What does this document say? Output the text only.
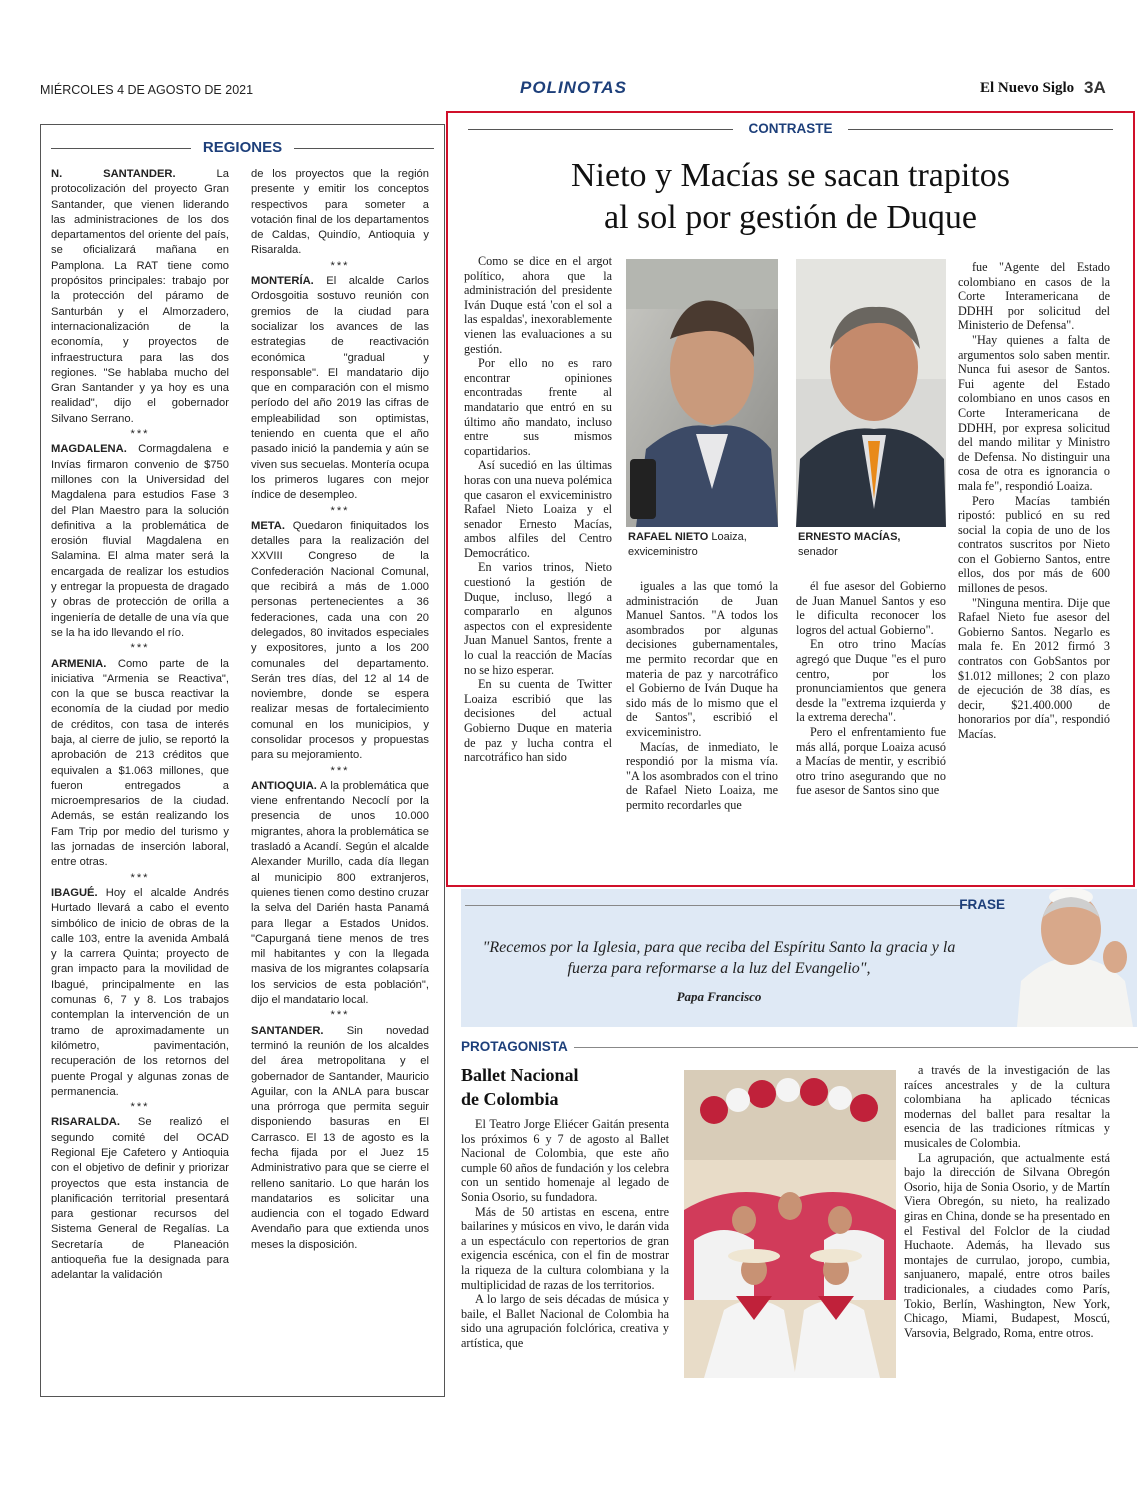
MIÉRCOLES 4 DE AGOSTO DE 2021	POLINOTAS	El Nuevo Siglo 3A
REGIONES

N. SANTANDER. La protocolización del proyecto Gran Santander, que vienen liderando las administraciones de los dos departamentos del oriente del país, se oficializará mañana en Pamplona. La RAT tiene como propósitos principales: trabajo por la protección del páramo de Santurbán y el Almorzadero, internacionalización de la economía, y proyectos de infraestructura para las dos regiones. "Se hablaba mucho del Gran Santander y ya hoy es una realidad", dijo el gobernador Silvano Serrano.

***

MAGDALENA. Cormagdalena e Invías firmaron convenio de $750 millones con la Universidad del Magdalena para estudios Fase 3 del Plan Maestro para la solución definitiva a la problemática de erosión fluvial Magdalena en Salamina. El alma mater será la encargada de realizar los estudios y entregar la propuesta de dragado y obras de protección de orilla a ingeniería de detalle de una vía que se la ha ido llevando el río.

***

ARMENIA. Como parte de la iniciativa "Armenia se Reactiva", con la que se busca reactivar la economía de la ciudad por medio de créditos, con tasa de interés baja, al cierre de julio, se reportó la aprobación de 213 créditos que equivalen a $1.063 millones, que fueron entregados a microempresarios de la ciudad. Además, se están realizando los Fam Trip por medio del turismo y las jornadas de inserción laboral, entre otras.

***

IBAGUÉ. Hoy el alcalde Andrés Hurtado llevará a cabo el evento simbólico de inicio de obras de la calle 103, entre la avenida Ambalá y la carrera Quinta; proyecto de gran impacto para la movilidad de Ibagué, principalmente en las comunas 6, 7 y 8. Los trabajos contemplan la intervención de un tramo de aproximadamente un kilómetro, pavimentación, recuperación de los retornos del puente Progal y algunas zonas de permanencia.

***

RISARALDA. Se realizó el segundo comité del OCAD Regional Eje Cafetero y Antioquia con el objetivo de definir y priorizar proyectos que esta instancia de planificación territorial presentará para gestionar recursos del Sistema General de Regalías. La Secretaría de Planeación antioqueña fue la designada para adelantar la validación

de los proyectos que la región presente y emitir los conceptos respectivos para someter a votación final de los departamentos de Caldas, Quindío, Antioquia y Risaralda.

***

MONTERÍA. El alcalde Carlos Ordosgoitia sostuvo reunión con gremios de la ciudad para socializar los avances de las estrategias de reactivación económica "gradual y responsable". El mandatario dijo que en comparación con el mismo período del año 2019 las cifras de empleabilidad son optimistas, teniendo en cuenta que el año pasado inició la pandemia y aún se viven sus secuelas. Montería ocupa los primeros lugares con mejor índice de desempleo.

***

META. Quedaron finiquitados los detalles para la realización del XXVIII Congreso de la Confederación Nacional Comunal, que recibirá a más de 1.000 personas pertenecientes a 36 federaciones, cada una con 20 delegados, 80 invitados especiales y expositores, junto a los 200 comunales del departamento. Serán tres días, del 12 al 14 de noviembre, donde se espera realizar mesas de fortalecimiento comunal en los municipios, y consolidar procesos y propuestas para su mejoramiento.

***

ANTIOQUIA. A la problemática que viene enfrentando Necoclí por la presencia de unos 10.000 migrantes, ahora la problemática se trasladó a Acandí. Según el alcalde Alexander Murillo, cada día llegan al municipio 800 extranjeros, quienes tienen como destino cruzar la selva del Darién hasta Panamá para llegar a Estados Unidos. "Capurganá tiene menos de tres mil habitantes y con la llegada masiva de los migrantes colapsaría los servicios de esta población", dijo el mandatario local.

***

SANTANDER. Sin novedad terminó la reunión de los alcaldes del área metropolitana y el gobernador de Santander, Mauricio Aguilar, con la ANLA para buscar una prórroga que permita seguir disponiendo basuras en El Carrasco. El 13 de agosto es la fecha fijada por el Juez 15 Administrativo para que se cierre el relleno sanitario. Lo que harán los mandatarios es solicitar una audiencia con el togado Edward Avendaño para que extienda unos meses la disposición.

CONTRASTE
Nieto y Macías se sacan trapitos
al sol por gestión de Duque

Como se dice en el argot político, ahora que la administración del presidente Iván Duque está 'con el sol a las espaldas', inexorablemente vienen las evaluaciones a su gestión.

Por ello no es raro encontrar opiniones encontradas frente al mandatario que entró en su último año mandato, incluso entre sus mismos copartidarios.

Así sucedió en las últimas horas con una nueva polémica que casaron el exviceministro Rafael Nieto Loaiza y el senador Ernesto Macías, ambos alfiles del Centro Democrático.

En varios trinos, Nieto cuestionó la gestión de Duque, incluso, llegó a compararlo en algunos aspectos con el expresidente Juan Manuel Santos, frente a lo cual la reacción de Macías no se hizo esperar.

En su cuenta de Twitter Loaiza escribió que las decisiones del actual Gobierno Duque en materia de paz y lucha contra el narcotráfico han sido

RAFAEL NIETO Loaiza,
exviceministro

iguales a las que tomó la administración de Juan Manuel Santos. "A todos los asombrados por algunas decisiones gubernamentales, me permito recordar que en materia de paz y narcotráfico el Gobierno de Iván Duque ha sido más de lo mismo que el de Santos", escribió el exviceministro.

Macías, de inmediato, le respondió por la misma vía. "A los asombrados con el trino de Rafael Nieto Loaiza, me permito recordarles que

ERNESTO MACÍAS,
senador

él fue asesor del Gobierno de Juan Manuel Santos y eso le dificulta reconocer los logros del actual Gobierno".

En otro trino Macías agregó que Duque "es el puro centro, por los pronunciamientos que genera desde la "extrema izquierda y la extrema derecha".

Pero el enfrentamiento fue más allá, porque Loaiza acusó a Macías de mentir, y escribió otro trino asegurando que no fue asesor de Santos sino que

fue "Agente del Estado colombiano en casos de la Corte Interamericana de DDHH por solicitud del Ministerio de Defensa".

"Hay quienes a falta de argumentos solo saben mentir. Nunca fui asesor de Santos. Fui agente del Estado colombiano en unos casos en Corte Interamericana de DDHH, por expresa solicitud del mando militar y Ministro de Defensa. No distinguir una cosa de otra es ignorancia o mala fe", respondió Loaiza.

Pero Macías también ripostó: publicó en su red social la copia de uno de los contratos suscritos por Nieto con el Gobierno Santos, entre ellos, dos por más de 600 millones de pesos.

"Ninguna mentira. Dije que Rafael Nieto fue asesor del Gobierno Santos. Negarlo es mala fe. En 2012 firmó 3 contratos con GobSantos por $1.012 millones; 2 con plazo de ejecución de 38 días, es decir, $21.400.000 de honorarios por día", respondió Macías.

FRASE
"Recemos por la Iglesia, para que reciba del Espíritu Santo la gracia y la fuerza para reformarse a la luz del Evangelio",
Papa Francisco
PROTAGONISTA
Ballet Nacional
de Colombia

El Teatro Jorge Eliécer Gaitán presenta los próximos 6 y 7 de agosto al Ballet Nacional de Colombia, que este año cumple 60 años de fundación y los celebra con un sentido homenaje al legado de Sonia Osorio, su fundadora.

Más de 50 artistas en escena, entre bailarines y músicos en vivo, le darán vida a un espectáculo con repertorios de gran exigencia escénica, con el fin de mostrar la riqueza de la cultura colombiana y la multiplicidad de razas de los territorios.

A lo largo de seis décadas de música y baile, el Ballet Nacional de Colombia ha sido una agrupación folclórica, creativa y artística, que

a través de la investigación de las raíces ancestrales y de la cultura colombiana ha aplicado técnicas modernas del ballet para resaltar la esencia de las tradiciones rítmicas y musicales de Colombia.

La agrupación, que actualmente está bajo la dirección de Silvana Obregón Osorio, hija de Sonia Osorio, y de Martín Viera Obregón, su nieto, ha realizado giras en China, donde se ha presentado en el Festival del Folclor de la ciudad Huchaote. Además, ha llevado sus montajes de currulao, joropo, cumbia, sanjuanero, mapalé, entre otros bailes tradicionales, a ciudades como París, Tokio, Berlín, Washington, New York, Chicago, Miami, Budapest, Moscú, Varsovia, Belgrado, Roma, entre otros.
